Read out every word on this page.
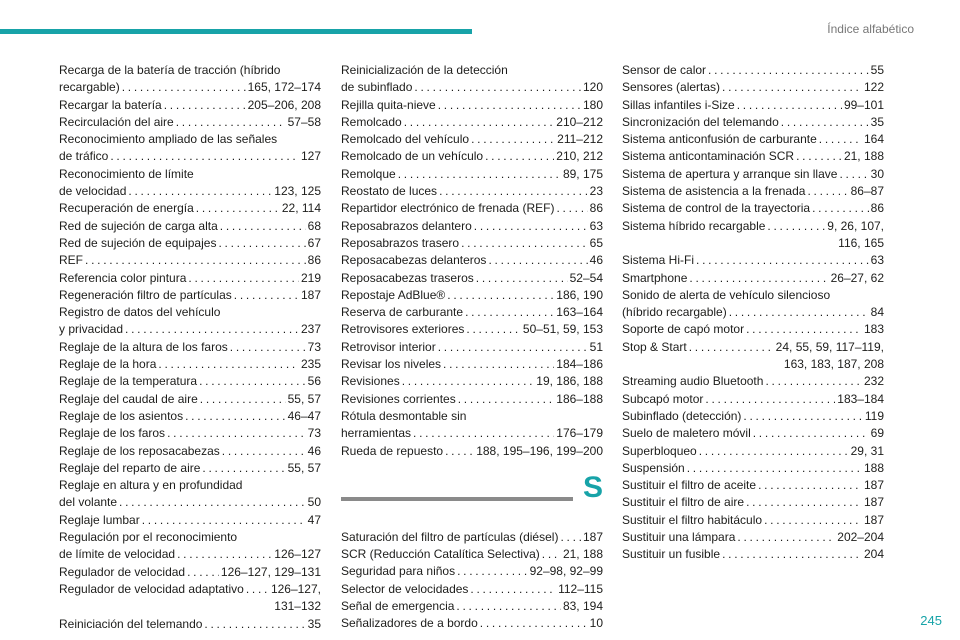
Índice alfabético
Recarga de la batería de tracción (híbrido
recargable) . . .	165, 172–174
Recargar la batería . . .	205–206, 208
Recirculación del aire . . .	57–58
Reconocimiento ampliado de las señales
de tráfico . . .	127
Reconocimiento de límite
de velocidad . . .	123, 125
Recuperación de energía . . .	22, 114
Red de sujeción de carga alta . . .	68
Red de sujeción de equipajes . . .	67
REF . . .	86
Referencia color pintura . . .	219
Regeneración filtro de partículas . . .	187
Registro de datos del vehículo
y privacidad . . .	237
Reglaje de la altura de los faros . . .	73
Reglaje de la hora . . .	235
Reglaje de la temperatura . . .	56
Reglaje del caudal de aire . . .	55, 57
Reglaje de los asientos . . .	46–47
Reglaje de los faros . . .	73
Reglaje de los reposacabezas . . .	46
Reglaje del reparto de aire . . .	55, 57
Reglaje en altura y en profundidad
del volante . . .	50
Reglaje lumbar . . .	47
Regulación por el reconocimiento
de límite de velocidad . . .	126–127
Regulador de velocidad . . .	126–127, 129–131
Regulador de velocidad adaptativo . . . 126–127,
131–132
Reiniciación del telemando . . .	35
Reinicialización de la detección
de subinflado . . .	120
Rejilla quita-nieve . . .	180
Remolcado . . .	210–212
Remolcado del vehículo . . .	211–212
Remolcado de un vehículo . . .	210, 212
Remolque . . .	89, 175
Reostato de luces . . .	23
Repartidor electrónico de frenada (REF) . . .	86
Reposabrazos delantero . . .	63
Reposabrazos trasero . . .	65
Reposacabezas delanteros . . .	46
Reposacabezas traseros . . .	52–54
Repostaje AdBlue® . . .	186, 190
Reserva de carburante . . .	163–164
Retrovisores exteriores . . .	50–51, 59, 153
Retrovisor interior . . .	51
Revisar los niveles . . .	184–186
Revisiones . . .	19, 186, 188
Revisiones corrientes . . .	186–188
Rótula desmontable sin
herramientas . . .	176–179
Rueda de repuesto . . .	188, 195–196, 199–200
S
Saturación del filtro de partículas (diésel) . . . 187
SCR (Reducción Catalítica Selectiva) . . . 21, 188
Seguridad para niños . . .	92–98, 92–99
Selector de velocidades . . .	112–115
Señal de emergencia . . .	83, 194
Señalizadores de a bordo . . .	10
Sensor de calor . . .	55
Sensores (alertas) . . .	122
Sillas infantiles i-Size . . .	99–101
Sincronización del telemando . . .	35
Sistema anticonfusión de carburante . . .	164
Sistema anticontaminación SCR . . .	21, 188
Sistema de apertura y arranque sin llave . . .	30
Sistema de asistencia a la frenada . . .	86–87
Sistema de control de la trayectoria . . .	86
Sistema híbrido recargable . . .	9, 26, 107,
116, 165
Sistema Hi-Fi . . .	63
Smartphone . . .	26–27, 62
Sonido de alerta de vehículo silencioso
(híbrido recargable) . . .	84
Soporte de capó motor . . .	183
Stop & Start . . .	24, 55, 59, 117–119,
163, 183, 187, 208
Streaming audio Bluetooth . . .	232
Subcapó motor . . .	183–184
Subinflado (detección) . . .	119
Suelo de maletero móvil . . .	69
Superbloqueo . . .	29, 31
Suspensión . . .	188
Sustituir el filtro de aceite . . .	187
Sustituir el filtro de aire . . .	187
Sustituir el filtro habitáculo . . .	187
Sustituir una lámpara . . .	202–204
Sustituir un fusible . . .	204
245
